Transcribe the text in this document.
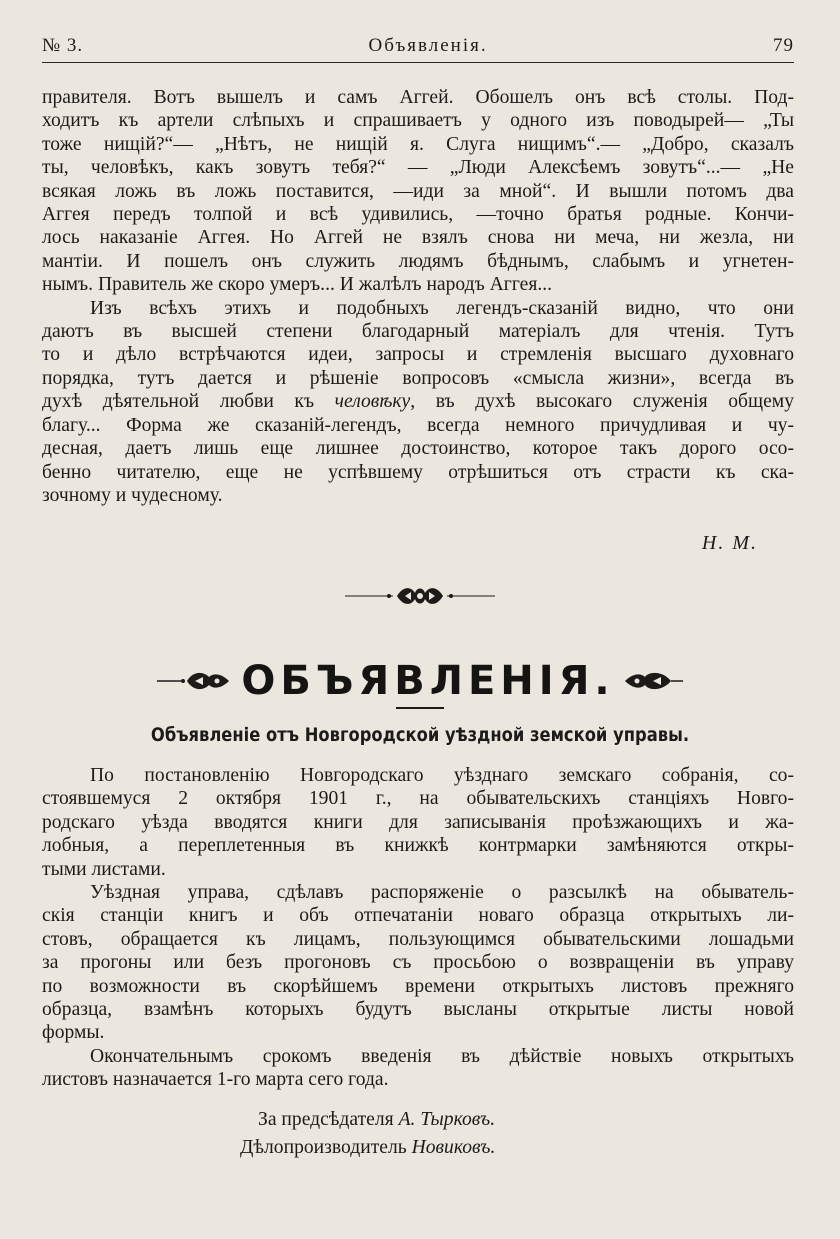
№ 3.	Объявленія.	79

правителя. Вотъ вышелъ и самъ Аггей. Обошелъ онъ всѣ столы. Под-

ходитъ къ артели слѣпыхъ и спрашиваетъ у одного изъ поводырей— „Ты

тоже нищій?“— „Нѣтъ, не нищій я. Слуга нищимъ“.— „Добро, сказалъ

ты, человѣкъ, какъ зовутъ тебя?“ — „Люди Алексѣемъ зовутъ“...— „Не

всякая ложь въ ложь поставится, —иди за мной“. И вышли потомъ два

Аггея передъ толпой и всѣ удивились, —точно братья родные. Кончи-

лось наказаніе Аггея. Но Аггей не взялъ снова ни меча, ни жезла, ни

мантіи. И пошелъ онъ служить людямъ бѣднымъ, слабымъ и угнетен-

нымъ. Правитель же скоро умеръ... И жалѣлъ народъ Аггея...

Изъ всѣхъ этихъ и подобныхъ легендъ-сказаній видно, что они

даютъ въ высшей степени благодарный матеріалъ для чтенія. Тутъ

то и дѣло встрѣчаются идеи, запросы и стремленія высшаго духовнаго

порядка, тутъ дается и рѣшеніе вопросовъ «смысла жизни», всегда въ

духѣ дѣятельной любви къ человѣку, въ духѣ высокаго служенія общему

благу... Форма же сказаній-легендъ, всегда немного причудливая и чу-

десная, даетъ лишь еще лишнее достоинство, которое такъ дорого осо-

бенно читателю, еще не успѣвшему отрѣшиться отъ страсти къ ска-

зочному и чудесному.

Н. М.
ОБЪЯВЛЕНІЯ.
Объявленіе отъ Новгородской уѣздной земской управы.

По постановленію Новгородскаго уѣзднаго земскаго собранія, со-

стоявшемуся 2 октября 1901 г., на обывательскихъ станціяхъ Новго-

родскаго уѣзда вводятся книги для записыванія проѣзжающихъ и жа-

лобныя, а переплетенныя въ книжкѣ контрмарки замѣняются откры-

тыми листами.

Уѣздная управа, сдѣлавъ распоряженіе о разсылкѣ на обыватель-

скія станціи книгъ и объ отпечатаніи новаго образца открытыхъ ли-

стовъ, обращается къ лицамъ, пользующимся обывательскими лошадьми

за прогоны или безъ прогоновъ съ просьбою о возвращеніи въ управу

по возможности въ скорѣйшемъ времени открытыхъ листовъ прежняго

образца, взамѣнъ которыхъ будутъ высланы открытые листы новой

формы.

Окончательнымъ срокомъ введенія въ дѣйствіе новыхъ открытыхъ

листовъ назначается 1-го марта сего года.

За предсѣдателя А. Тырковъ.
Дѣлопроизводитель Новиковъ.
